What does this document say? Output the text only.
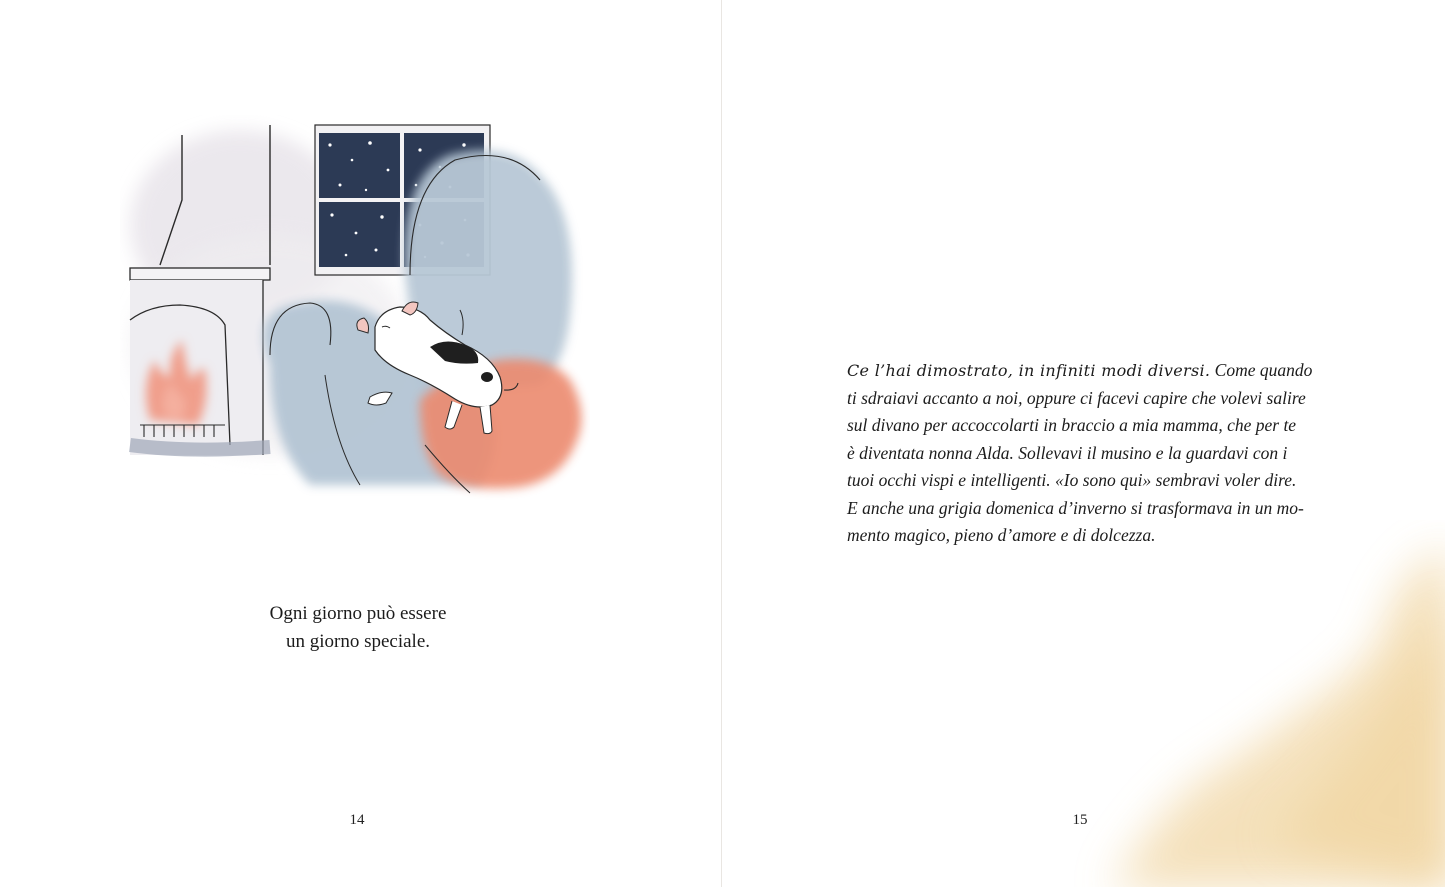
Ogni giorno può essere
un giorno speciale.
14
Ce l’hai dimostrato, in infiniti modi diversi. Come quando
ti sdraiavi accanto a noi, oppure ci facevi capire che volevi salire
sul divano per accoccolarti in braccio a mia mamma, che per te
è diventata nonna Alda. Sollevavi il musino e la guardavi con i
tuoi occhi vispi e intelligenti. «Io sono qui» sembravi voler dire.
E anche una grigia domenica d’inverno si trasformava in un mo-
mento magico, pieno d’amore e di dolcezza.
15
